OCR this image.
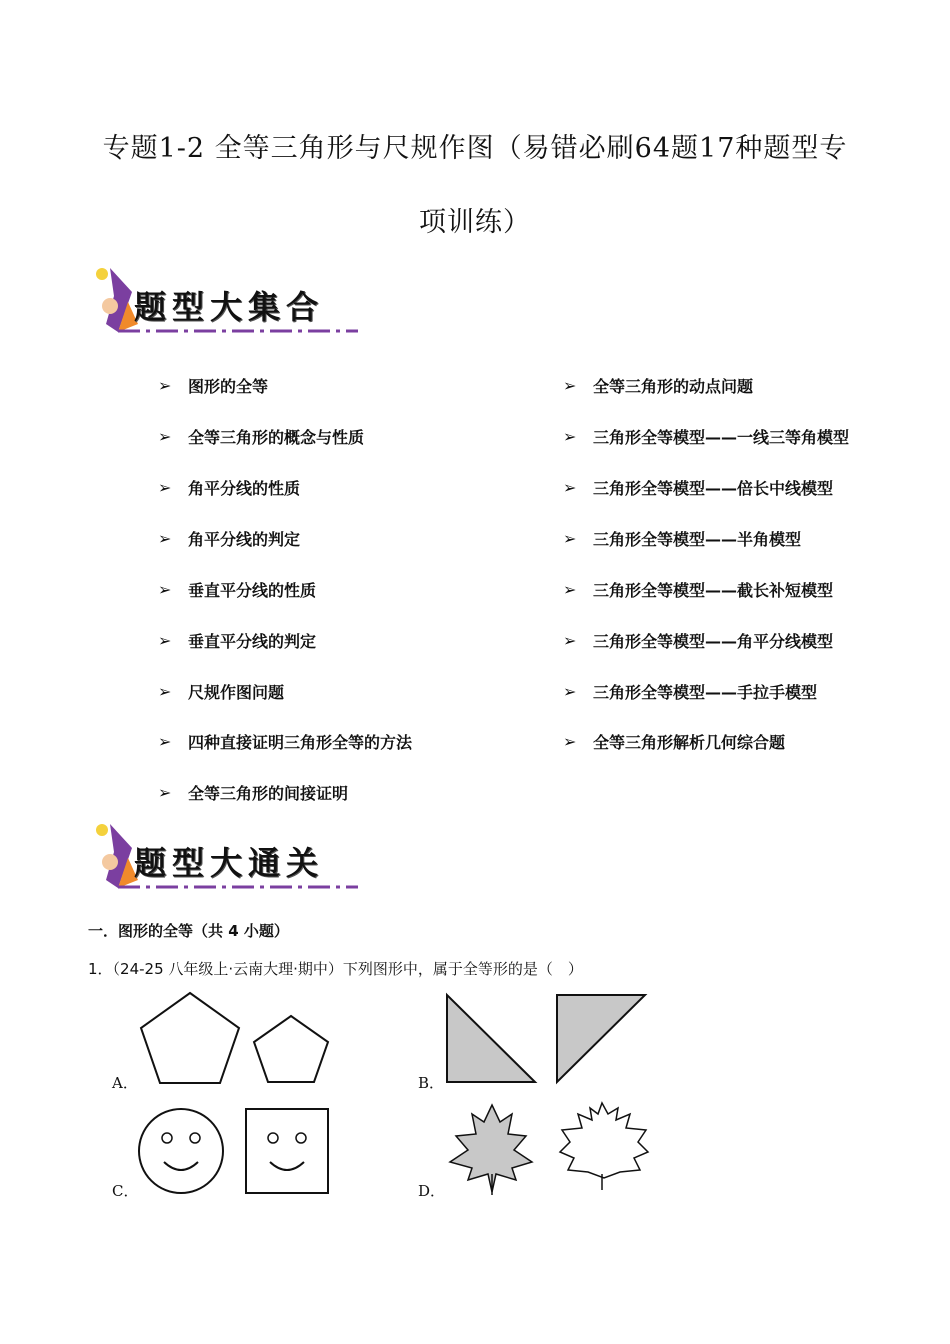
专题1-2 全等三角形与尺规作图（易错必刷64题17种题型专
项训练）
题型大集合
➢	图形的全等
➢	全等三角形的概念与性质
➢	角平分线的性质
➢	角平分线的判定
➢	垂直平分线的性质
➢	垂直平分线的判定
➢	尺规作图问题
➢	四种直接证明三角形全等的方法
➢	全等三角形的间接证明
➢	全等三角形的动点问题
➢	三角形全等模型——一线三等角模型
➢	三角形全等模型——倍长中线模型
➢	三角形全等模型——半角模型
➢	三角形全等模型——截长补短模型
➢	三角形全等模型——角平分线模型
➢	三角形全等模型——手拉手模型
➢	全等三角形解析几何综合题
题型大通关
一．图形的全等（共 4 小题）
1．（24-25 八年级上·云南大理·期中）下列图形中，属于全等形的是（　）
A．	B．
C．	D．
